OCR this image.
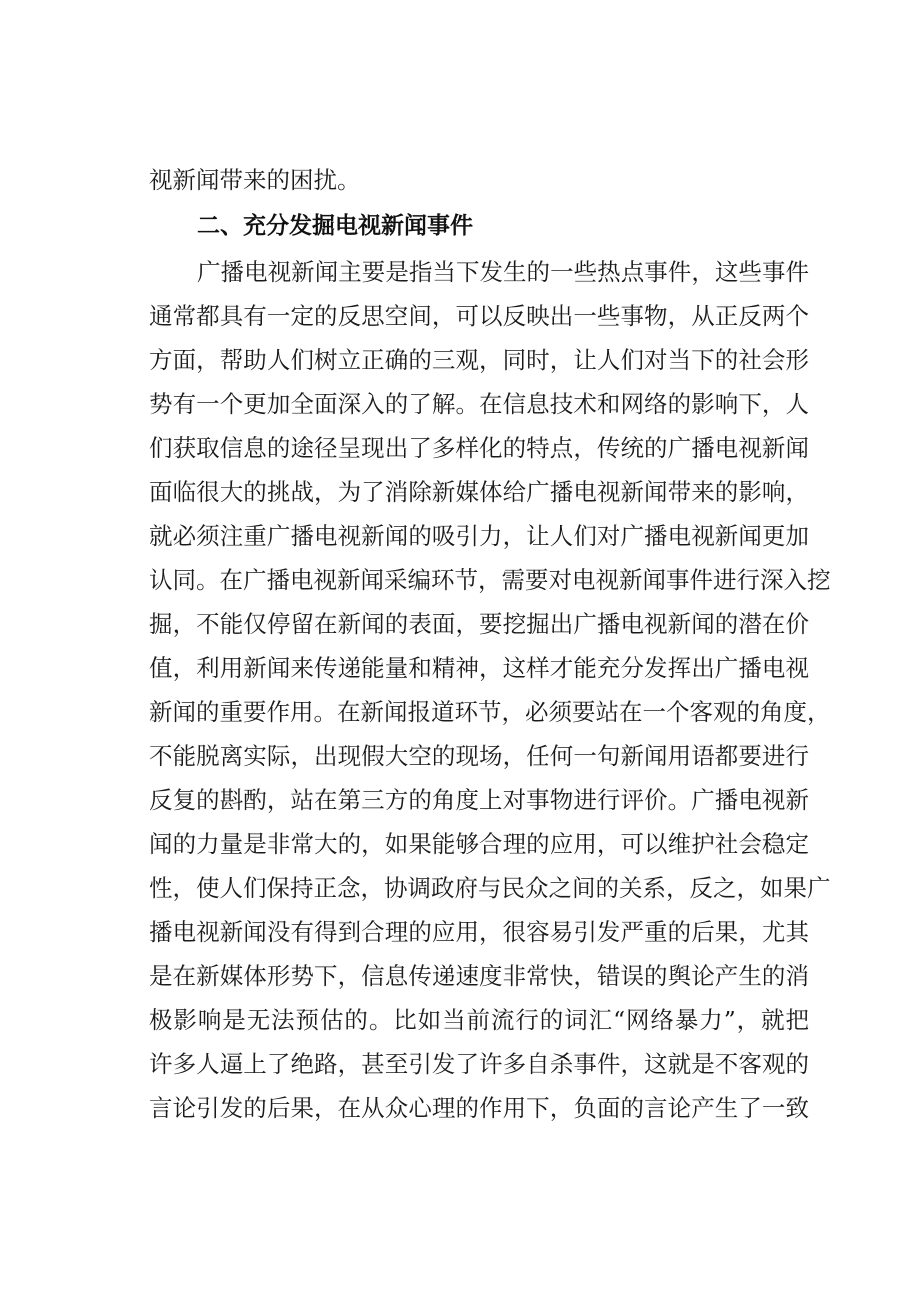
视新闻带来的困扰。
二、充分发掘电视新闻事件
广播电视新闻主要是指当下发生的一些热点事件，这些事件
通常都具有一定的反思空间，可以反映出一些事物，从正反两个
方面，帮助人们树立正确的三观，同时，让人们对当下的社会形
势有一个更加全面深入的了解。在信息技术和网络的影响下，人
们获取信息的途径呈现出了多样化的特点，传统的广播电视新闻
面临很大的挑战，为了消除新媒体给广播电视新闻带来的影响，
就必须注重广播电视新闻的吸引力，让人们对广播电视新闻更加
认同。在广播电视新闻采编环节，需要对电视新闻事件进行深入挖
掘，不能仅停留在新闻的表面，要挖掘出广播电视新闻的潜在价
值，利用新闻来传递能量和精神，这样才能充分发挥出广播电视
新闻的重要作用。在新闻报道环节，必须要站在一个客观的角度，
不能脱离实际，出现假大空的现场，任何一句新闻用语都要进行
反复的斟酌，站在第三方的角度上对事物进行评价。广播电视新
闻的力量是非常大的，如果能够合理的应用，可以维护社会稳定
性，使人们保持正念，协调政府与民众之间的关系，反之，如果广
播电视新闻没有得到合理的应用，很容易引发严重的后果，尤其
是在新媒体形势下，信息传递速度非常快，错误的舆论产生的消
极影响是无法预估的。比如当前流行的词汇“网络暴力”，就把
许多人逼上了绝路，甚至引发了许多自杀事件，这就是不客观的
言论引发的后果，在从众心理的作用下，负面的言论产生了一致
